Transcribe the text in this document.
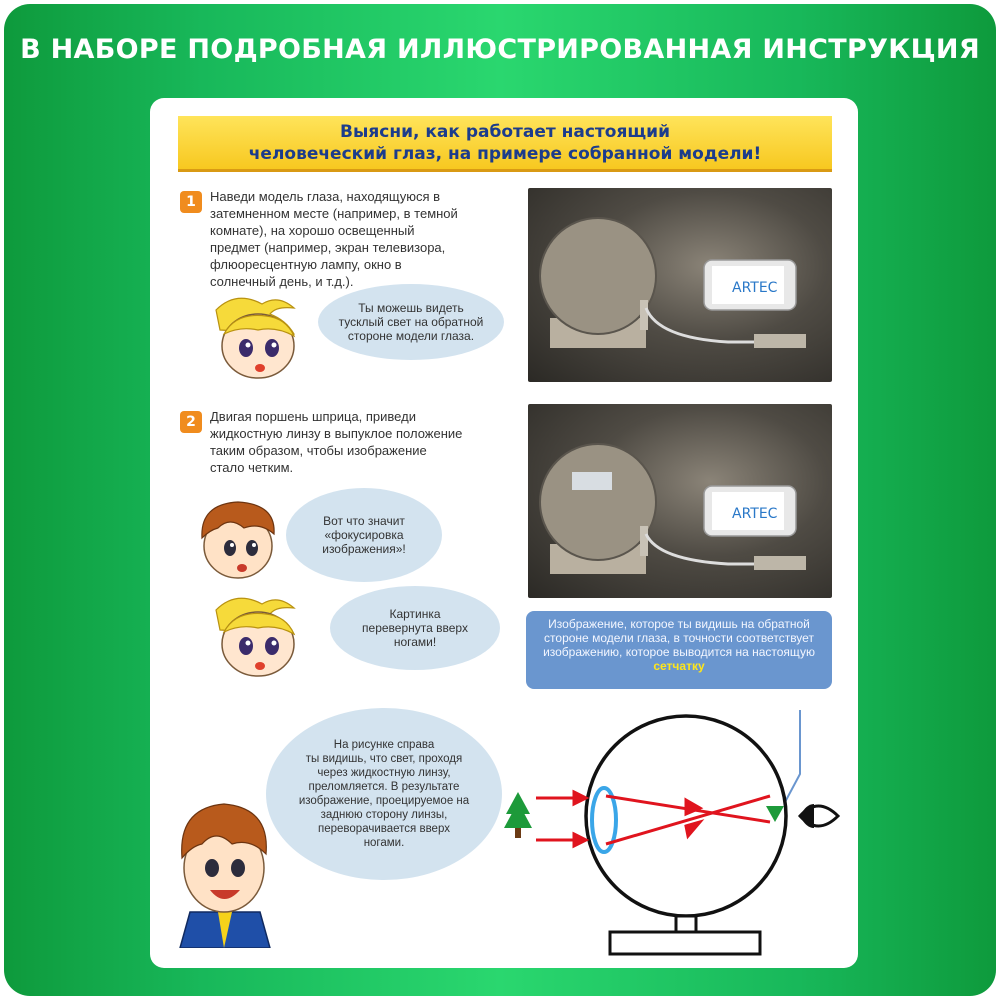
В НАБОРЕ ПОДРОБНАЯ ИЛЛЮСТРИРОВАННАЯ ИНСТРУКЦИЯ
Выясни, как работает настоящий
человеческий глаз, на примере собранной модели!
1	Наведи модель глаза, находящуюся в
затемненном месте (например, в темной
комнате), на хорошо освещенный
предмет (например, экран телевизора,
флюоресцентную лампу, окно в
солнечный день, и т.д.).
Ты можешь видеть
тусклый свет на обратной
стороне модели глаза.
ARTEC
2	Двигая поршень шприца, приведи
жидкостную линзу в выпуклое положение
таким образом, чтобы изображение
стало четким.
ARTEC
Вот что значит
«фокусировка
изображения»!
Картинка
перевернута вверх
ногами!
Изображение, которое ты видишь на обратной стороне модели глаза, в точности соответствует изображению, которое выводится на настоящую сетчатку
На рисунке справа
ты видишь, что свет, проходя
через жидкостную линзу,
преломляется. В результате
изображение, проецируемое на
заднюю сторону линзы,
переворачивается вверх
ногами.
